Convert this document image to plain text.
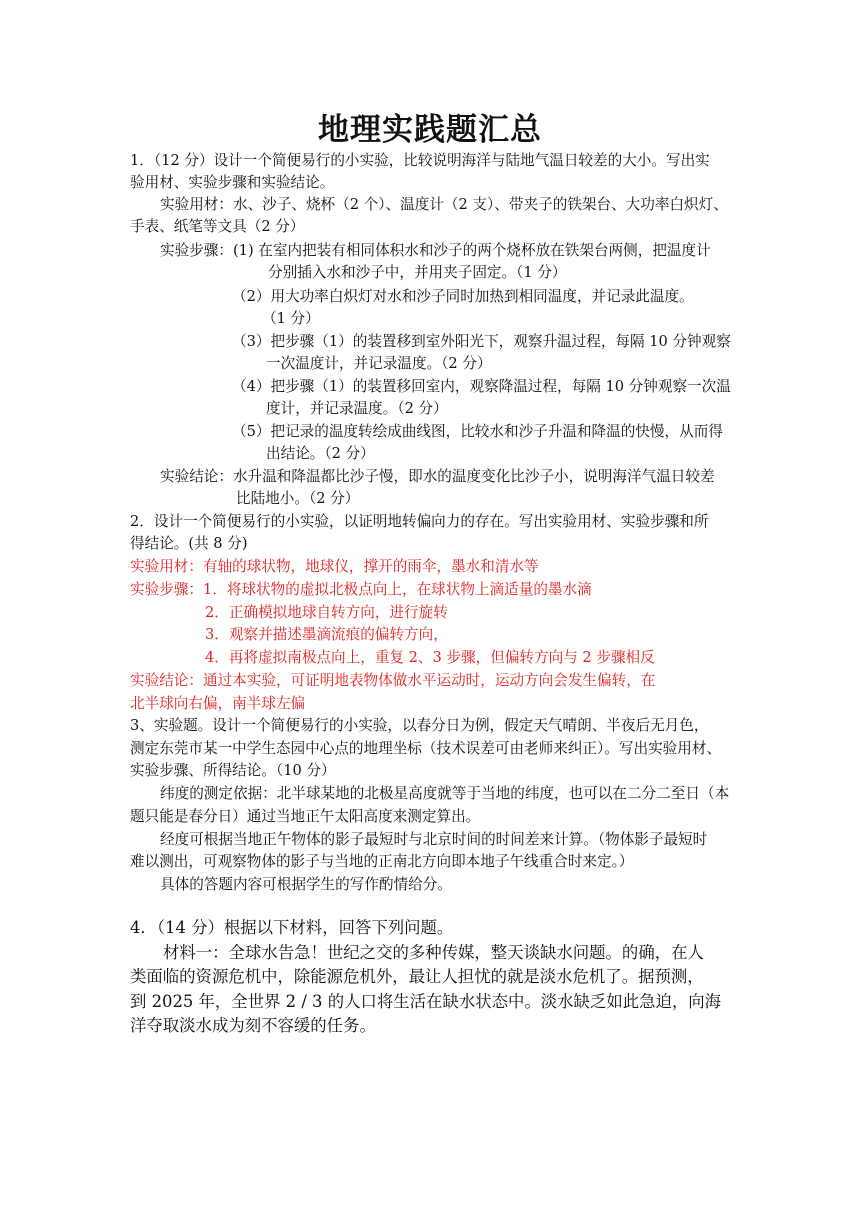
地理实践题汇总
1．（12 分）设计一个简便易行的小实验，比较说明海洋与陆地气温日较差的大小。写出实
验用材、实验步骤和实验结论。
实验用材：水、沙子、烧杯（2 个）、温度计（2 支）、带夹子的铁架台、大功率白炽灯、
手表、纸笔等文具（2 分）
实验步骤：(1) 在室内把装有相同体积水和沙子的两个烧杯放在铁架台两侧，把温度计
分别插入水和沙子中，并用夹子固定。（1 分）
（2）用大功率白炽灯对水和沙子同时加热到相同温度，并记录此温度。
（1 分）
（3）把步骤（1）的装置移到室外阳光下，观察升温过程，每隔 10 分钟观察
一次温度计，并记录温度。（2 分）
（4）把步骤（1）的装置移回室内，观察降温过程，每隔 10 分钟观察一次温
度计，并记录温度。（2 分）
（5）把记录的温度转绘成曲线图，比较水和沙子升温和降温的快慢，从而得
出结论。（2 分）
实验结论：水升温和降温都比沙子慢，即水的温度变化比沙子小，说明海洋气温日较差
比陆地小。（2 分）
2．设计一个简便易行的小实验，以证明地转偏向力的存在。写出实验用材、实验步骤和所
得结论。(共 8 分)
实验用材：有轴的球状物，地球仪，撑开的雨伞，墨水和清水等
实验步骤：1．将球状物的虚拟北极点向上，在球状物上滴适量的墨水滴
2．正确模拟地球自转方向，进行旋转
3．观察并描述墨滴流痕的偏转方向，
4．再将虚拟南极点向上，重复 2、3 步骤，但偏转方向与 2 步骤相反
实验结论：通过本实验，可证明地表物体做水平运动时，运动方向会发生偏转，在
北半球向右偏，南半球左偏
3、实验题。设计一个简便易行的小实验，以春分日为例，假定天气晴朗、半夜后无月色，
测定东莞市某一中学生态园中心点的地理坐标（技术误差可由老师来纠正）。写出实验用材、
实验步骤、所得结论。（10 分）
纬度的测定依据：北半球某地的北极星高度就等于当地的纬度，也可以在二分二至日（本
题只能是春分日）通过当地正午太阳高度来测定算出。
经度可根据当地正午物体的影子最短时与北京时间的时间差来计算。（物体影子最短时
难以测出，可观察物体的影子与当地的正南北方向即本地子午线重合时来定。）
具体的答题内容可根据学生的写作酌情给分。
4．（14 分）根据以下材料，回答下列问题。
材料一：全球水告急！世纪之交的多种传媒，整天谈缺水问题。的确，在人
类面临的资源危机中，除能源危机外，最让人担忧的就是淡水危机了。据预测，
到 2025 年，全世界 2 / 3 的人口将生活在缺水状态中。淡水缺乏如此急迫，向海
洋夺取淡水成为刻不容缓的任务。
